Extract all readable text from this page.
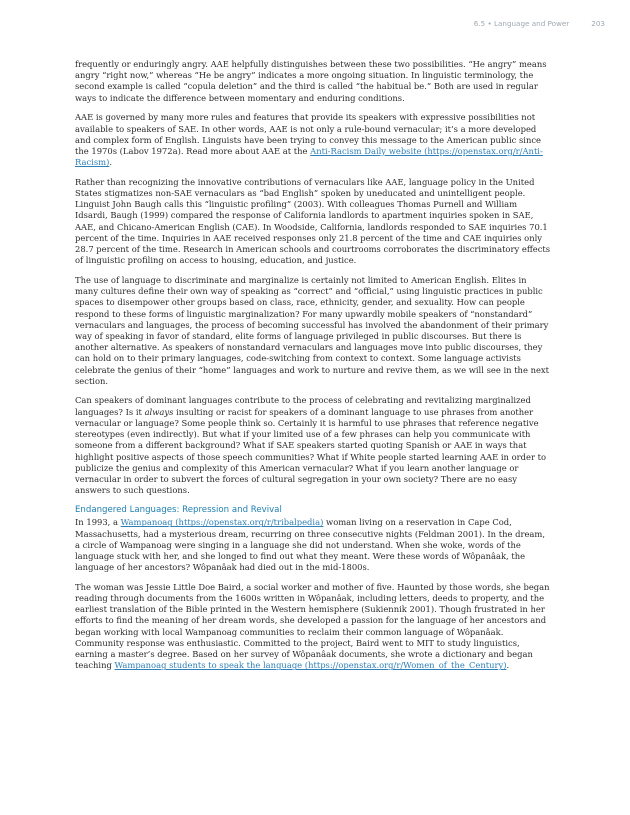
6.5 • Language and Power	203

frequently or enduringly angry. AAE helpfully distinguishes between these two possibilities. “He angry” means angry “right now,” whereas “He be angry” indicates a more ongoing situation. In linguistic terminology, the second example is called “copula deletion” and the third is called “the habitual be.” Both are used in regular ways to indicate the difference between momentary and enduring conditions.

AAE is governed by many more rules and features that provide its speakers with expressive possibilities not available to speakers of SAE. In other words, AAE is not only a rule-bound vernacular; it’s a more developed and complex form of English. Linguists have been trying to convey this message to the American public since the 1970s (Labov 1972a). Read more about AAE at the Anti-Racism Daily website (https://openstax.org/r/Anti-Racism).

Rather than recognizing the innovative contributions of vernaculars like AAE, language policy in the United States stigmatizes non-SAE vernaculars as “bad English” spoken by uneducated and unintelligent people. Linguist John Baugh calls this “linguistic profiling” (2003). With colleagues Thomas Purnell and William Idsardi, Baugh (1999) compared the response of California landlords to apartment inquiries spoken in SAE, AAE, and Chicano-American English (CAE). In Woodside, California, landlords responded to SAE inquiries 70.1 percent of the time. Inquiries in AAE received responses only 21.8 percent of the time and CAE inquiries only 28.7 percent of the time. Research in American schools and courtrooms corroborates the discriminatory effects of linguistic profiling on access to housing, education, and justice.

The use of language to discriminate and marginalize is certainly not limited to American English. Elites in many cultures define their own way of speaking as “correct” and “official,” using linguistic practices in public spaces to disempower other groups based on class, race, ethnicity, gender, and sexuality. How can people respond to these forms of linguistic marginalization? For many upwardly mobile speakers of “nonstandard” vernaculars and languages, the process of becoming successful has involved the abandonment of their primary way of speaking in favor of standard, elite forms of language privileged in public discourses. But there is another alternative. As speakers of nonstandard vernaculars and languages move into public discourses, they can hold on to their primary languages, code-switching from context to context. Some language activists celebrate the genius of their “home” languages and work to nurture and revive them, as we will see in the next section.

Can speakers of dominant languages contribute to the process of celebrating and revitalizing marginalized languages? Is it always insulting or racist for speakers of a dominant language to use phrases from another vernacular or language? Some people think so. Certainly it is harmful to use phrases that reference negative stereotypes (even indirectly). But what if your limited use of a few phrases can help you communicate with someone from a different background? What if SAE speakers started quoting Spanish or AAE in ways that highlight positive aspects of those speech communities? What if White people started learning AAE in order to publicize the genius and complexity of this American vernacular? What if you learn another language or vernacular in order to subvert the forces of cultural segregation in your own society? There are no easy answers to such questions.

Endangered Languages: Repression and Revival

In 1993, a Wampanoag (https://openstax.org/r/tribalpedia) woman living on a reservation in Cape Cod, Massachusetts, had a mysterious dream, recurring on three consecutive nights (Feldman 2001). In the dream, a circle of Wampanoag were singing in a language she did not understand. When she woke, words of the language stuck with her, and she longed to find out what they meant. Were these words of Wôpanâak, the language of her ancestors? Wôpanâak had died out in the mid-1800s.

The woman was Jessie Little Doe Baird, a social worker and mother of five. Haunted by those words, she began reading through documents from the 1600s written in Wôpanâak, including letters, deeds to property, and the earliest translation of the Bible printed in the Western hemisphere (Sukiennik 2001). Though frustrated in her efforts to find the meaning of her dream words, she developed a passion for the language of her ancestors and began working with local Wampanoag communities to reclaim their common language of Wôpanâak. Community response was enthusiastic. Committed to the project, Baird went to MIT to study linguistics, earning a master’s degree. Based on her survey of Wôpanâak documents, she wrote a dictionary and began teaching Wampanoag students to speak the language (https://openstax.org/r/Women_of_the_Century).
